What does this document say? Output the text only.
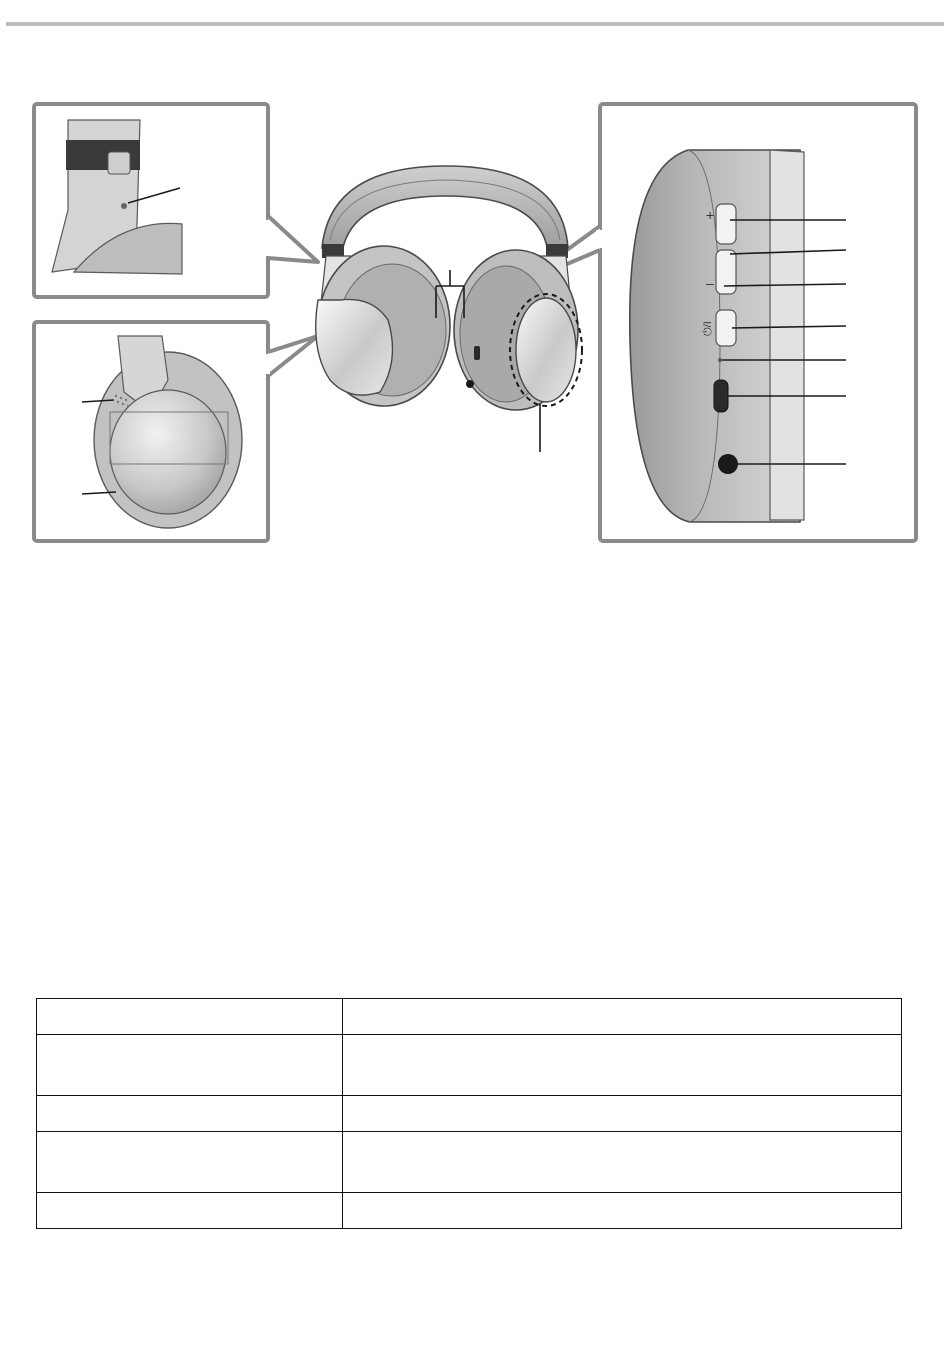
+
–
⏻/I
